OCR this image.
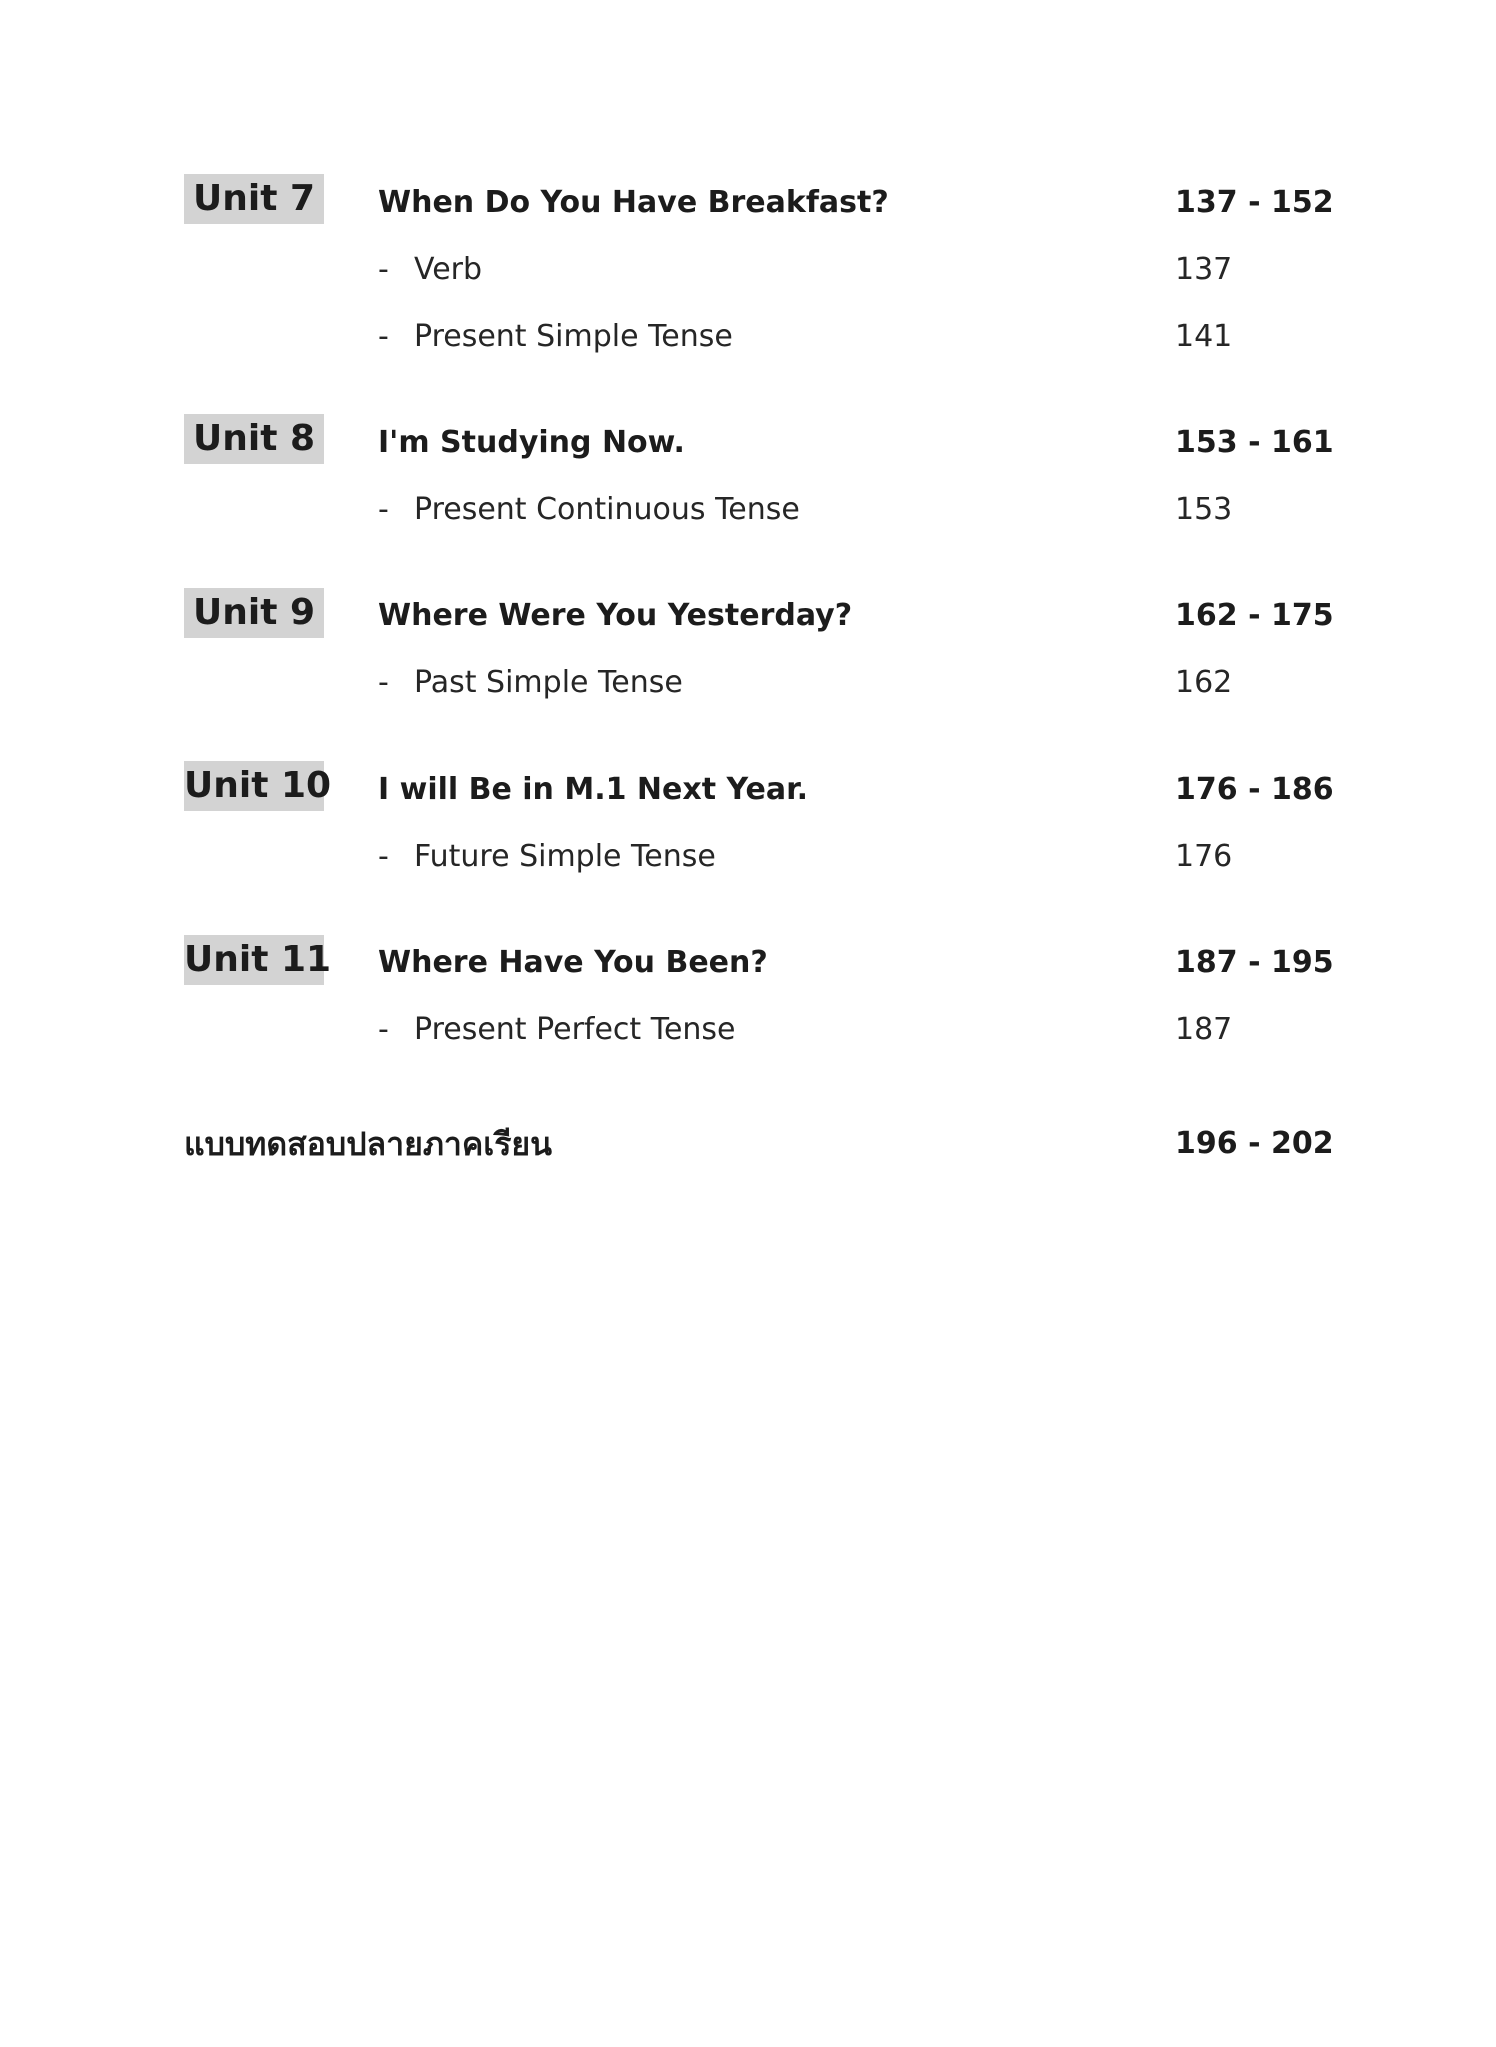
Unit 7	When Do You Have Breakfast?	137 - 152
- Verb	137
- Present Simple Tense	141
Unit 8	I'm Studying Now.	153 - 161
- Present Continuous Tense	153
Unit 9	Where Were You Yesterday?	162 - 175
- Past Simple Tense	162
Unit 10 I will Be in M.1 Next Year.	176 - 186
- Future Simple Tense	176
Unit 11 Where Have You Been?	187 - 195
- Present Perfect Tense	187
แบบทดสอบปลายภาคเรียน	196 - 202
